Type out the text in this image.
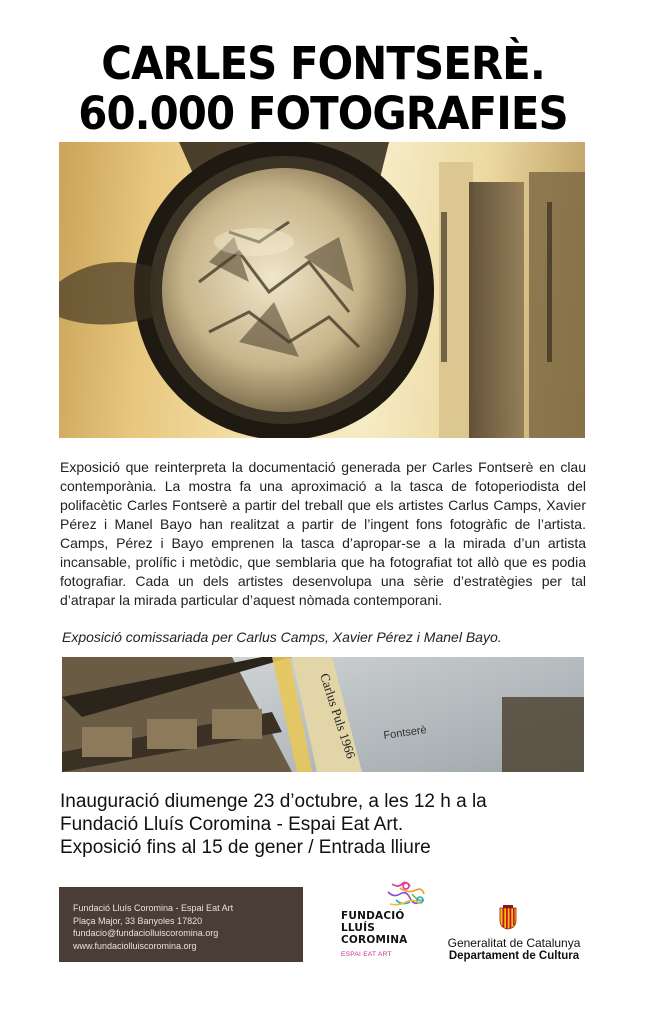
CARLES FONTSERÈ.
60.000 FOTOGRAFIES
Exposició que reinterpreta la documentació generada per Carles Fontserè en clau contemporània. La mostra fa una aproximació a la tasca de fotoperiodista del polifacètic Carles Fontserè a partir del treball que els artistes Carlus Camps, Xavier Pérez i Manel Bayo han realitzat a partir de l’ingent fons fotogràfic de l’artista. Camps, Pérez i Bayo emprenen la tasca d’apropar-se a la mirada d’un artista incansable, prolífic i metòdic, que semblaria que ha fotografiat tot allò que es podia fotografiar. Cada un dels artistes desenvolupa una sèrie d’estratègies per tal d’atrapar la mirada particular d’aquest nòmada contemporani.
Exposició comissariada per Carlus Camps, Xavier Pérez i Manel Bayo.
Carlus Puls 1966 Fontserè
Inauguració diumenge 23 d’octubre, a les 12 h a la
Fundació Lluís Coromina - Espai Eat Art.
Exposició fins al 15 de gener / Entrada lliure
Fundació Lluís Coromina - Espai Eat Art
Plaça Major, 33 Banyoles 17820
fundacio@fundaciolluiscoromina.org
www.fundaciolluiscoromina.org
FUNDACIÓ
LLUÍS
COROMINA
ESPAI EAT ART
Generalitat de Catalunya
Departament de Cultura
